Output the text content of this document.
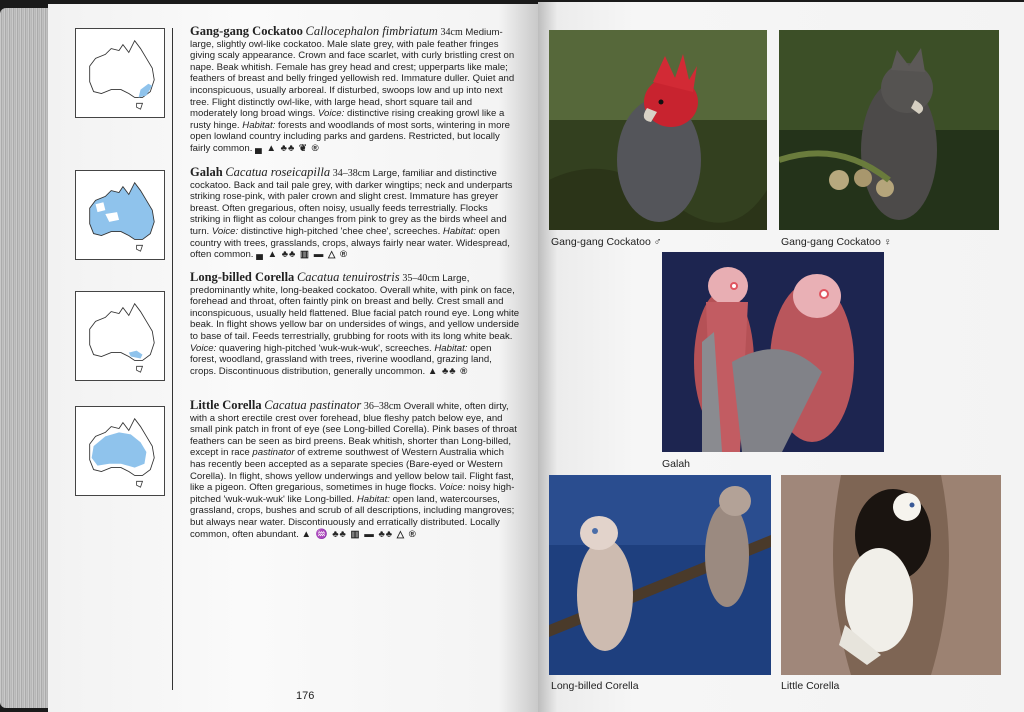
Gang-gang Cockatoo Callocephalon fimbriatum 34cm Medium-large, slightly owl-like cockatoo. Male slate grey, with pale feather fringes giving scaly appearance. Crown and face scarlet, with curly bristling crest on nape. Beak whitish. Female has grey head and crest; upperparts like male; feathers of breast and belly fringed yellowish red. Immature duller. Quiet and inconspicuous, usually arboreal. If disturbed, swoops low and up into next tree. Flight distinctly owl-like, with large head, short square tail and moderately long broad wings. Voice: distinctive rising creaking growl like a rusty hinge. Habitat: forests and woodlands of most sorts, wintering in more open lowland country including parks and gardens. Restricted, but locally fairly common. ▄ ▲ ♣♣ ❦ ®
Galah Cacatua roseicapilla 34–38cm Large, familiar and distinctive cockatoo. Back and tail pale grey, with darker wingtips; neck and underparts striking rose-pink, with paler crown and slight crest. Immature has greyer breast. Often gregarious, often noisy, usually feeds terrestrially. Flocks striking in flight as colour changes from pink to grey as the birds wheel and turn. Voice: distinctive high-pitched 'chee chee', screeches. Habitat: open country with trees, grasslands, crops, always fairly near water. Widespread, often common. ▄ ▲ ♣♣ ▥ ▬ △ ®
Long-billed Corella Cacatua tenuirostris 35–40cm Large, predominantly white, long-beaked cockatoo. Overall white, with pink on face, forehead and throat, often faintly pink on breast and belly. Crest small and inconspicuous, usually held flattened. Blue facial patch round eye. Long white beak. In flight shows yellow bar on undersides of wings, and yellow underside to base of tail. Feeds terrestrially, grubbing for roots with its long white beak. Voice: quavering high-pitched 'wuk-wuk-wuk', screeches. Habitat: open forest, woodland, grassland with trees, riverine woodland, grazing land, crops. Discontinuous distribution, generally uncommon. ▲ ♣♣ ®
Little Corella Cacatua pastinator 36–38cm Overall white, often dirty, with a short erectile crest over forehead, blue fleshy patch below eye, and small pink patch in front of eye (see Long-billed Corella). Pink bases of throat feathers can be seen as bird preens. Beak whitish, shorter than Long-billed, except in race pastinator of extreme southwest of Western Australia which has recently been accepted as a separate species (Bare-eyed or Western Corella). In flight, shows yellow underwings and yellow below tail. Flight fast, like a pigeon. Often gregarious, sometimes in huge flocks. Voice: noisy high-pitched 'wuk-wuk-wuk' like Long-billed. Habitat: open land, watercourses, grassland, crops, bushes and scrub of all descriptions, including mangroves; but always near water. Discontinuously and erratically distributed. Locally common, often abundant. ▲ ♒ ♣♣ ▥ ▬ ♣♣ △ ®
176
Gang-gang Cockatoo ♂	Gang-gang Cockatoo ♀
Galah
Long-billed Corella	Little Corella
